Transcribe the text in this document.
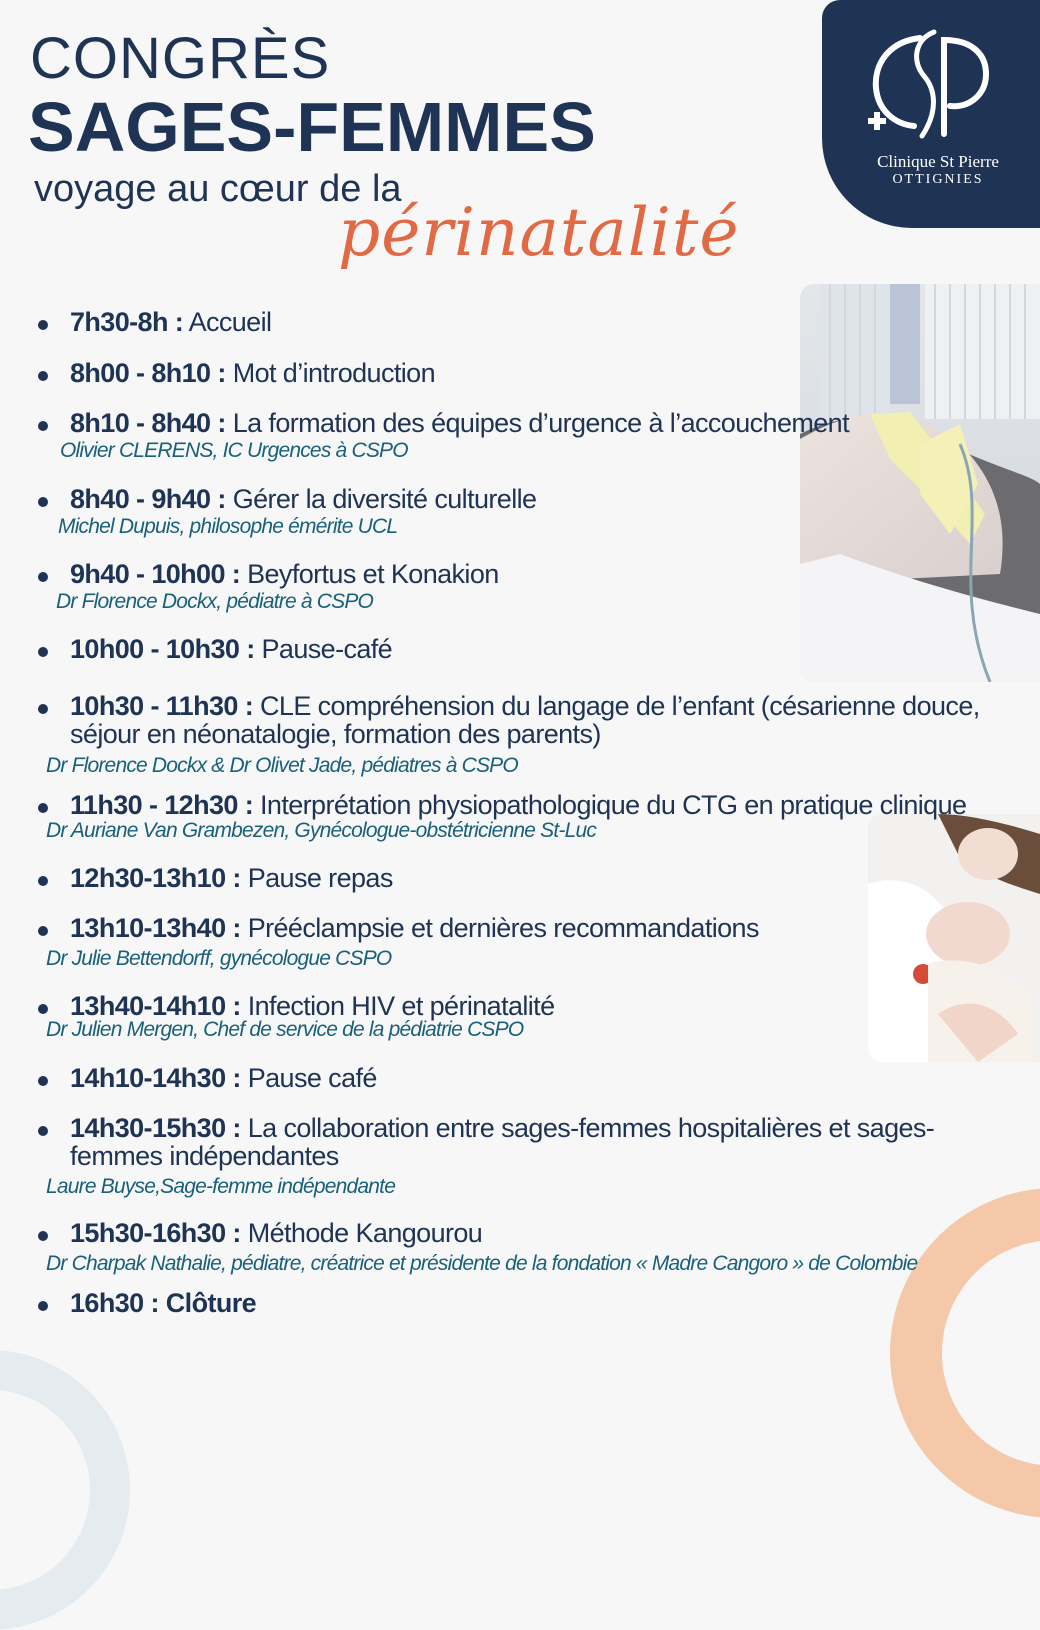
CONGRÈS
SAGES-FEMMES
voyage au cœur de la
périnatalité
Clinique St Pierre
OTTIGNIES
7h30-8h : Accueil
8h00 - 8h10 : Mot d’introduction
8h10 - 8h40 : La formation des équipes d’urgence à l’accouchement
Olivier CLERENS, IC Urgences à CSPO
8h40 - 9h40 : Gérer la diversité culturelle
Michel Dupuis, philosophe émérite UCL
9h40 - 10h00 : Beyfortus et Konakion
Dr Florence Dockx, pédiatre à CSPO
10h00 - 10h30 : Pause-café
10h30 - 11h30 : CLE compréhension du langage de l’enfant (césarienne douce, séjour en néonatalogie, formation des parents)
Dr Florence Dockx & Dr Olivet Jade, pédiatres à CSPO
11h30 - 12h30 : Interprétation physiopathologique du CTG en pratique clinique
Dr Auriane Van Grambezen, Gynécologue-obstétricienne St-Luc
12h30-13h10 : Pause repas
13h10-13h40 : Prééclampsie et dernières recommandations
Dr Julie Bettendorff, gynécologue CSPO
13h40-14h10 : Infection HIV et périnatalité
Dr Julien Mergen, Chef de service de la pédiatrie CSPO
14h10-14h30 : Pause café
14h30-15h30 : La collaboration entre sages-femmes hospitalières et sages-femmes indépendantes
Laure Buyse,Sage-femme indépendante
15h30-16h30 : Méthode Kangourou
Dr Charpak Nathalie, pédiatre, créatrice et présidente de la fondation « Madre Cangoro » de Colombie
16h30 : Clôture
